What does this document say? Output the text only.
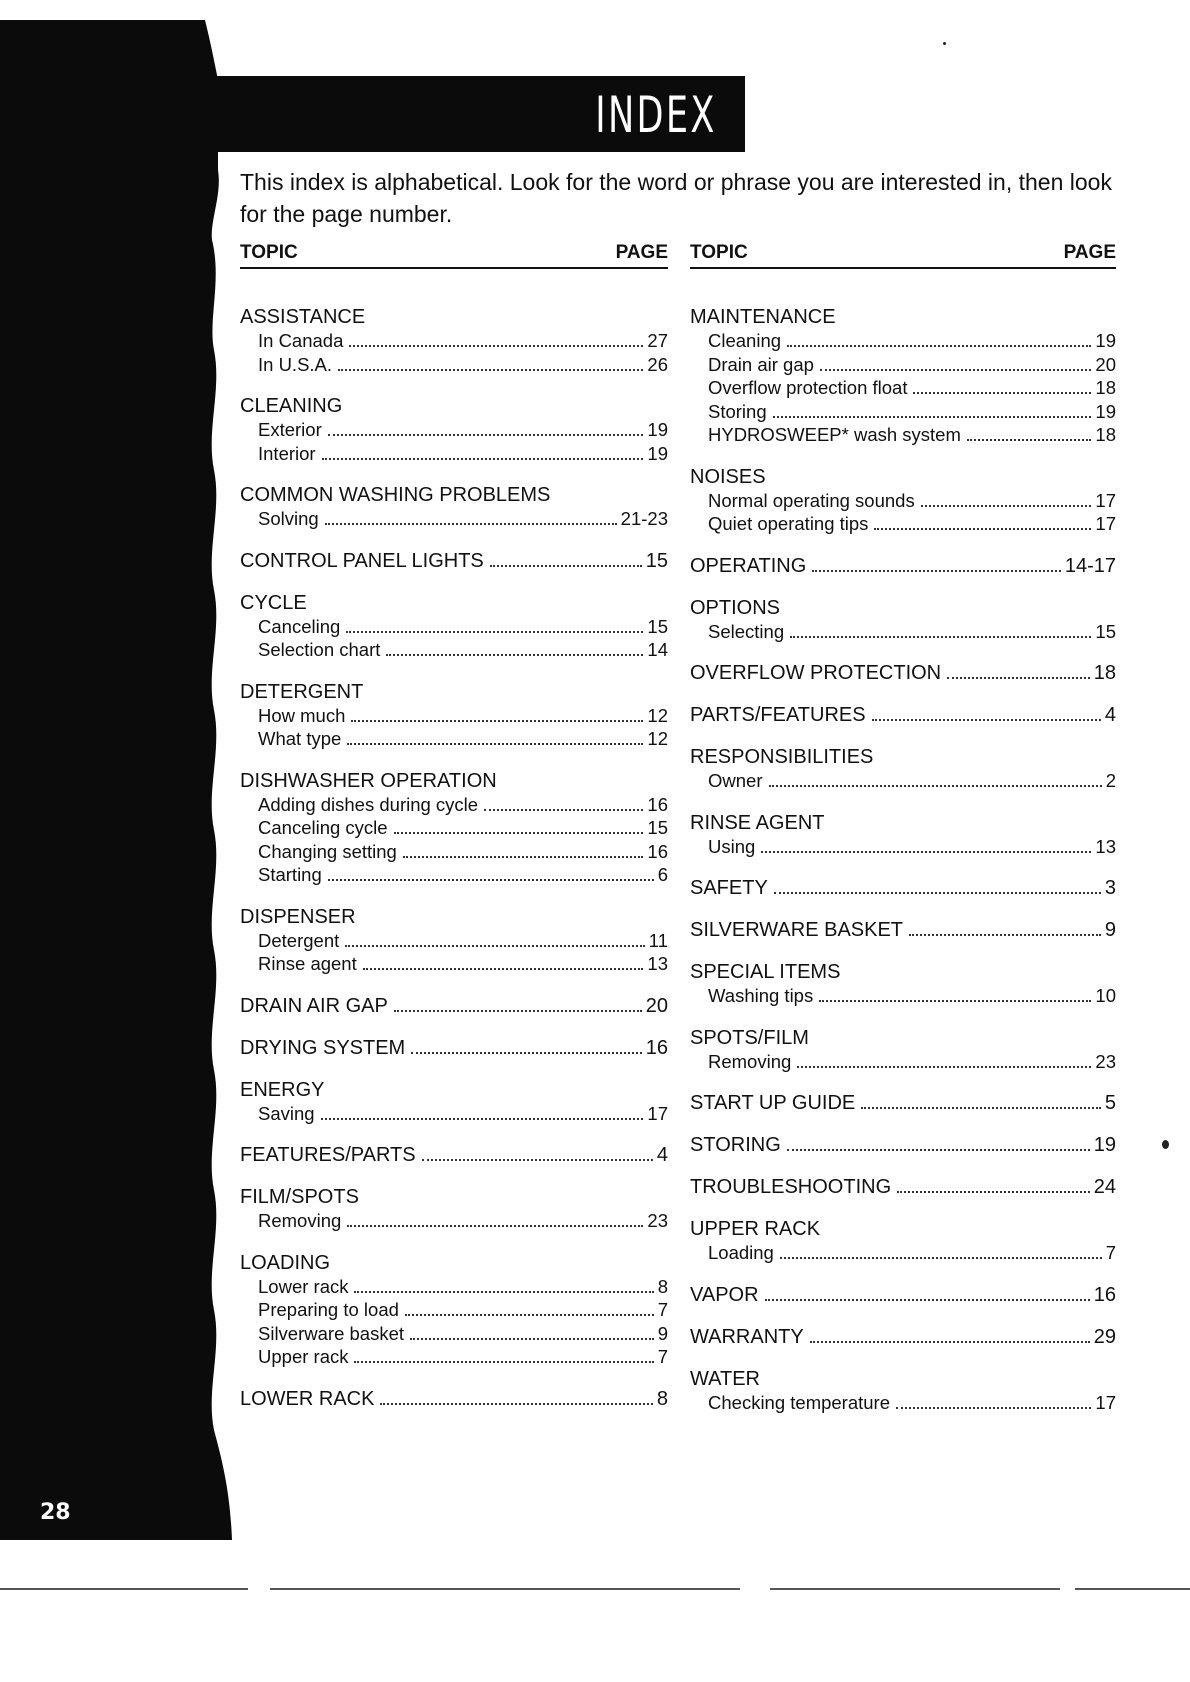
INDEX

This index is alphabetical. Look for the word or phrase you are interested in, then look for the page number.

TOPIC	PAGE
ASSISTANCE
In Canada	27
In U.S.A.	26
CLEANING
Exterior	19
Interior	19
COMMON WASHING PROBLEMS
Solving	21-23
CONTROL PANEL LIGHTS	15
CYCLE
Canceling	15
Selection chart	14
DETERGENT
How much	12
What type	12
DISHWASHER OPERATION
Adding dishes during cycle	16
Canceling cycle	15
Changing setting	16
Starting	6
DISPENSER
Detergent	11
Rinse agent	13
DRAIN AIR GAP	20
DRYING SYSTEM	16
ENERGY
Saving	17
FEATURES/PARTS	4
FILM/SPOTS
Removing	23
LOADING
Lower rack	8
Preparing to load	7
Silverware basket	9
Upper rack	7
LOWER RACK	8
TOPIC	PAGE
MAINTENANCE
Cleaning	19
Drain air gap	20
Overflow protection float	18
Storing	19
HYDROSWEEP* wash system	18
NOISES
Normal operating sounds	17
Quiet operating tips	17
OPERATING	14-17
OPTIONS
Selecting	15
OVERFLOW PROTECTION	18
PARTS/FEATURES	4
RESPONSIBILITIES
Owner	2
RINSE AGENT
Using	13
SAFETY	3
SILVERWARE BASKET	9
SPECIAL ITEMS
Washing tips	10
SPOTS/FILM
Removing	23
START UP GUIDE	5
STORING	19
TROUBLESHOOTING	24
UPPER RACK
Loading	7
VAPOR	16
WARRANTY	29
WATER
Checking temperature	17
28
